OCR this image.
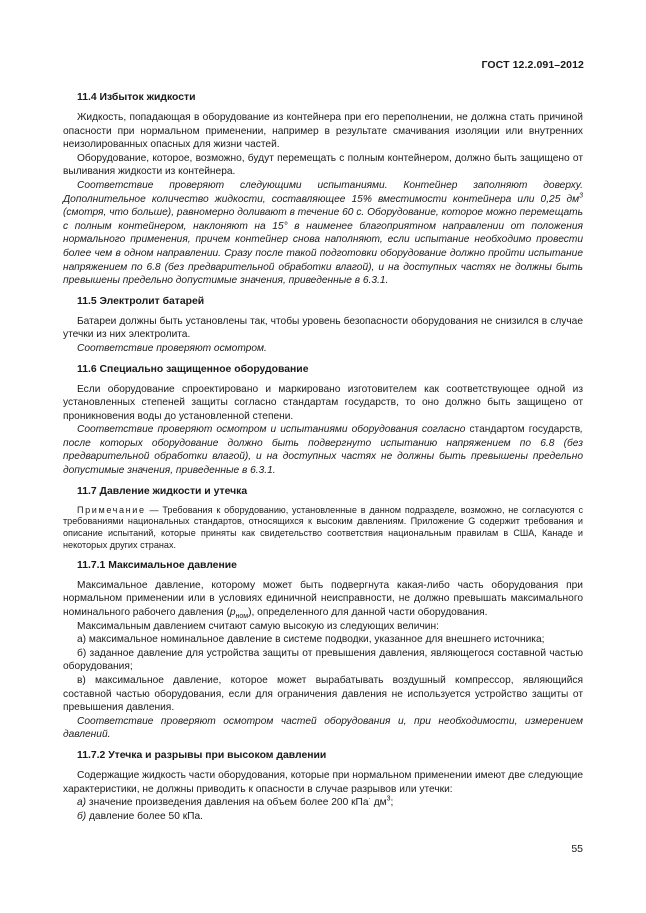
ГОСТ 12.2.091–2012
11.4 Избыток жидкости

Жидкость, попадающая в оборудование из контейнера при его переполнении, не должна стать причиной опасности при нормальном применении, например в результате смачивания изоляции или внутренних неизолированных опасных для жизни частей.

Оборудование, которое, возможно, будут перемещать с полным контейнером, должно быть защищено от выливания жидкости из контейнера.

Соответствие проверяют следующими испытаниями. Контейнер заполняют доверху. Дополнительное количество жидкости, составляющее 15% вместимости контейнера или 0,25 $дм^3$ (смотря, что больше), равномерно доливают в течение 60 с. Оборудование, которое можно перемещать с полным контейнером, наклоняют на 15° в наименее благоприятном направлении от положения нормального применения, причем контейнер снова наполняют, если испытание необходимо провести более чем в одном направлении. Сразу после такой подготовки оборудование должно пройти испытание напряжением по 6.8 (без предварительной обработки влагой), и на доступных частях не должны быть превышены предельно допустимые значения, приведенные в 6.3.1.

11.5 Электролит батарей

Батареи должны быть установлены так, чтобы уровень безопасности оборудования не снизился в случае утечки из них электролита.

Соответствие проверяют осмотром.

11.6 Специально защищенное оборудование

Если оборудование спроектировано и маркировано изготовителем как соответствующее одной из установленных степеней защиты согласно стандартам государств, то оно должно быть защищено от проникновения воды до установленной степени.

Соответствие проверяют осмотром и испытаниями оборудования согласно стандартом государств, после которых оборудование должно быть подвергнуто испытанию напряжением по 6.8 (без предварительной обработки влагой), и на доступных частях не должны быть превышены предельно допустимые значения, приведенные в 6.3.1.

11.7 Давление жидкости и утечка

Примечание — Требования к оборудованию, установленные в данном подразделе, возможно, не согласуются с требованиями национальных стандартов, относящихся к высоким давлениям. Приложение G содержит требования и описание испытаний, которые приняты как свидетельство соответствия национальным правилам в США, Канаде и некоторых других странах.

11.7.1 Максимальное давление

Максимальное давление, которому может быть подвергнута какая-либо часть оборудования при нормальном применении или в условиях единичной неисправности, не должно превышать максимального номинального рабочего давления $(p_{ном})$, определенного для данной части оборудования.

Максимальным давлением считают самую высокую из следующих величин:

а) максимальное номинальное давление в системе подводки, указанное для внешнего источника;

б) заданное давление для устройства защиты от превышения давления, являющегося составной частью оборудования;

в) максимальное давление, которое может вырабатывать воздушный компрессор, являющийся составной частью оборудования, если для ограничения давления не используется устройство защиты от превышения давления.

Соответствие проверяют осмотром частей оборудования и, при необходимости, измерением давлений.

11.7.2 Утечка и разрывы при высоком давлении

Содержащие жидкость части оборудования, которые при нормальном применении имеют две следующие характеристики, не должны приводить к опасности в случае разрывов или утечки:

а) значение произведения давления на объем более 200 кПа· $дм^3$;

б) давление более 50 кПа.

55
